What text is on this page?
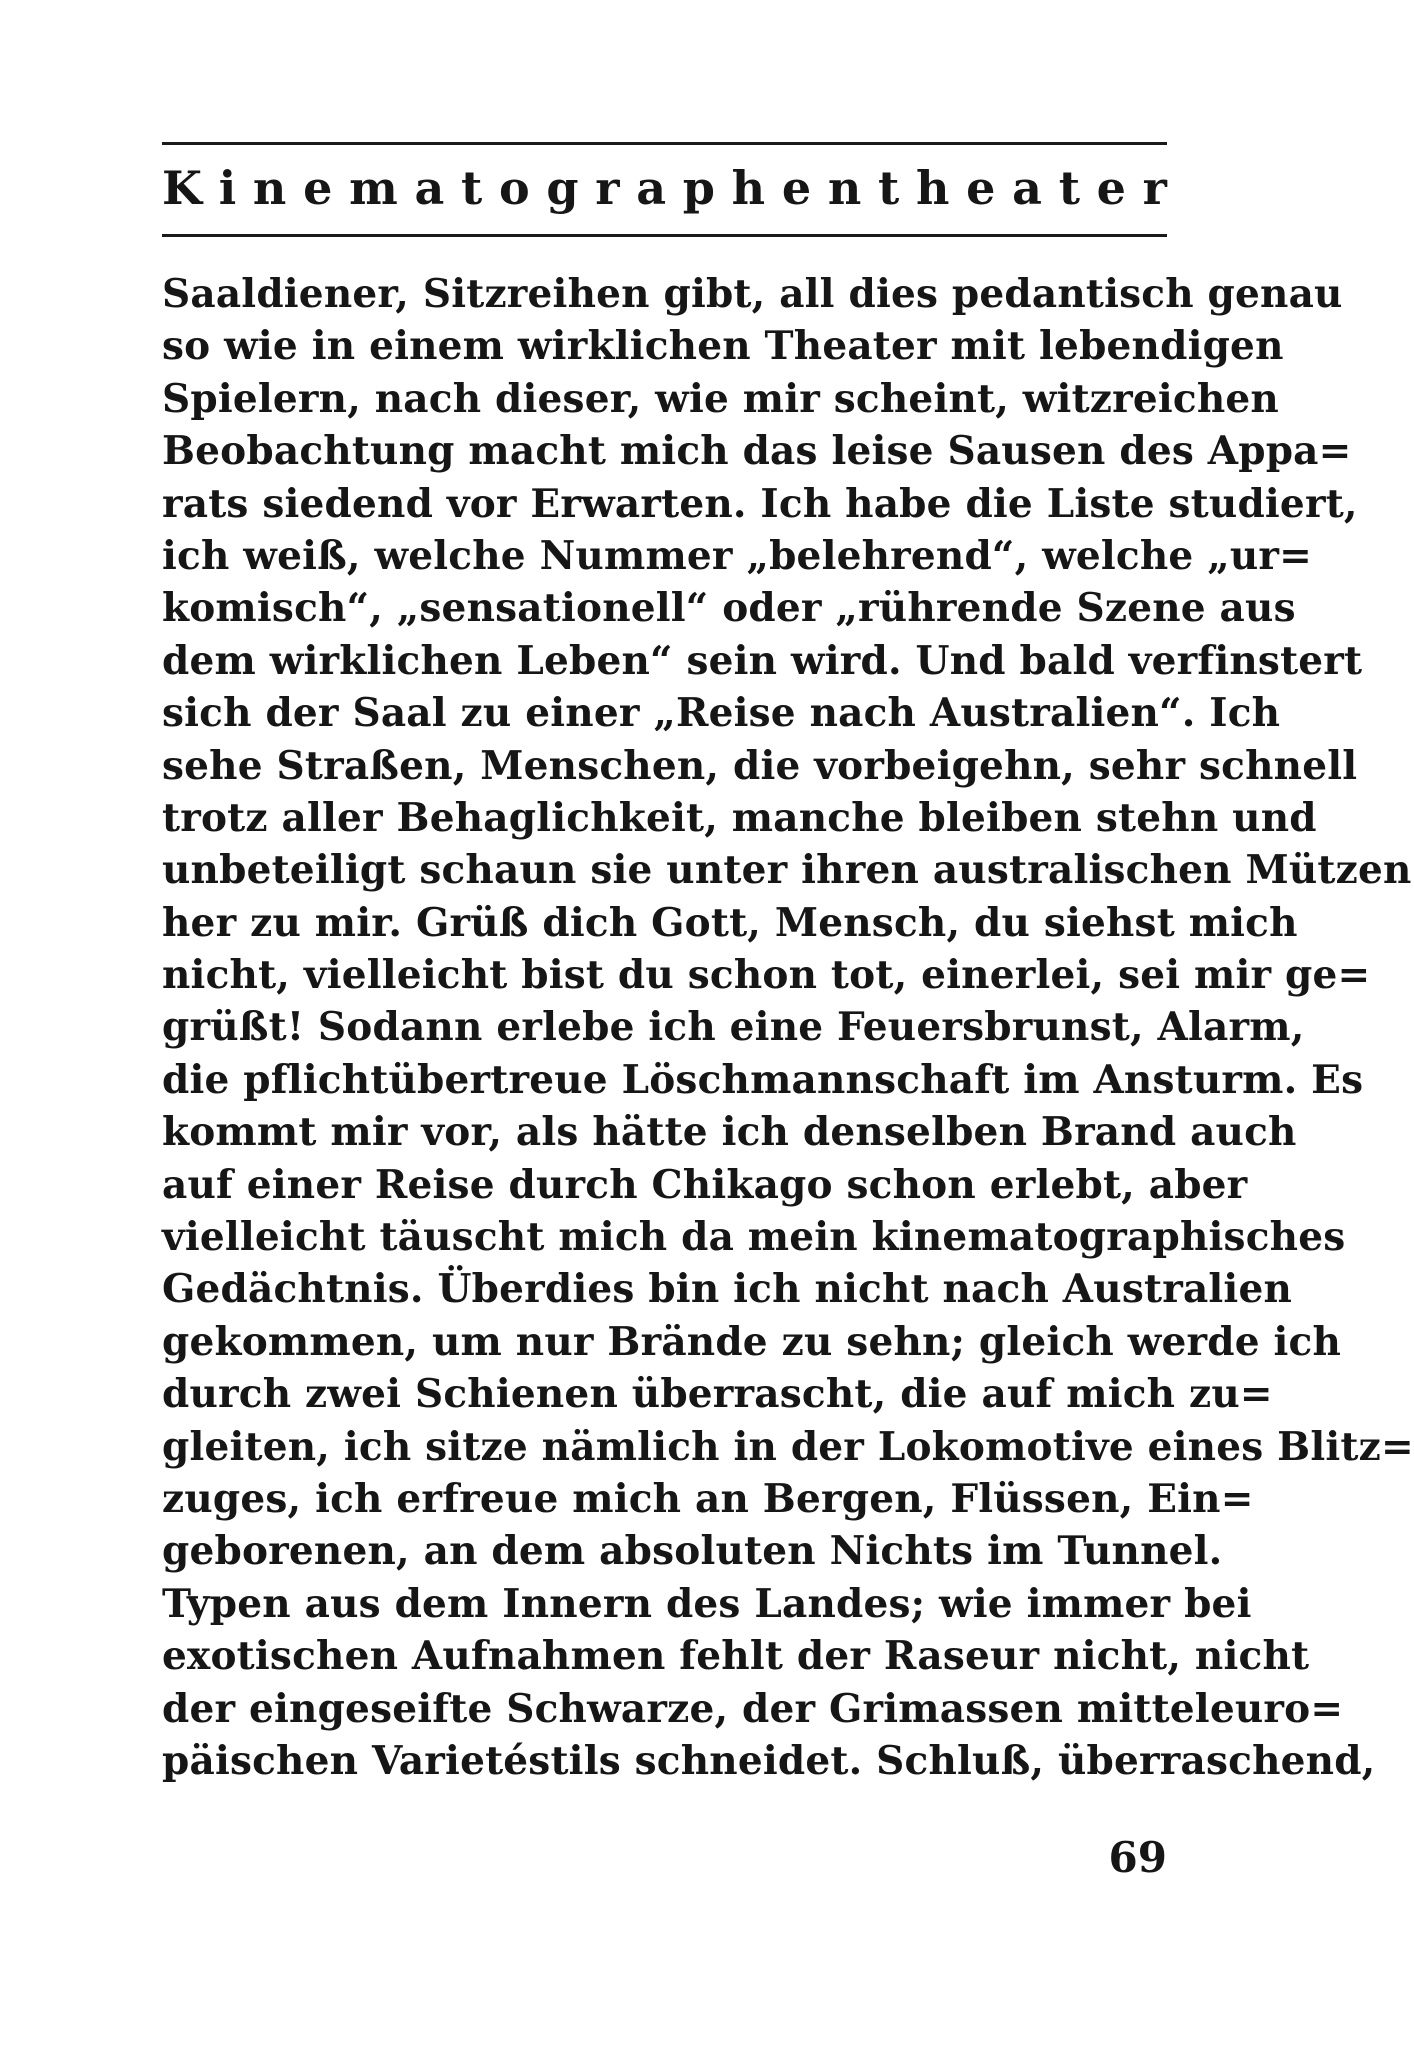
K i n e m a t o g r a p h e n t h e a t e r
Saaldiener, Sitzreihen gibt, all dies pedantisch genau
so wie in einem wirklichen Theater mit lebendigen
Spielern, nach dieser, wie mir scheint, witzreichen
Beobachtung macht mich das leise Sausen des Appa=
rats siedend vor Erwarten. Ich habe die Liste studiert,
ich weiß, welche Nummer „belehrend“, welche „ur=
komisch“, „sensationell“ oder „rührende Szene aus
dem wirklichen Leben“ sein wird. Und bald verfinstert
sich der Saal zu einer „Reise nach Australien“. Ich
sehe Straßen, Menschen, die vorbeigehn, sehr schnell
trotz aller Behaglichkeit, manche bleiben stehn und
unbeteiligt schaun sie unter ihren australischen Mützen
her zu mir. Grüß dich Gott, Mensch, du siehst mich
nicht, vielleicht bist du schon tot, einerlei, sei mir ge=
grüßt! Sodann erlebe ich eine Feuersbrunst, Alarm,
die pflichtübertreue Löschmannschaft im Ansturm. Es
kommt mir vor, als hätte ich denselben Brand auch
auf einer Reise durch Chikago schon erlebt, aber
vielleicht täuscht mich da mein kinematographisches
Gedächtnis. Überdies bin ich nicht nach Australien
gekommen, um nur Brände zu sehn; gleich werde ich
durch zwei Schienen überrascht, die auf mich zu=
gleiten, ich sitze nämlich in der Lokomotive eines Blitz=
zuges, ich erfreue mich an Bergen, Flüssen, Ein=
geborenen, an dem absoluten Nichts im Tunnel.
Typen aus dem Innern des Landes; wie immer bei
exotischen Aufnahmen fehlt der Raseur nicht, nicht
der eingeseifte Schwarze, der Grimassen mitteleuro=
päischen Varietéstils schneidet. Schluß, überraschend,
69
